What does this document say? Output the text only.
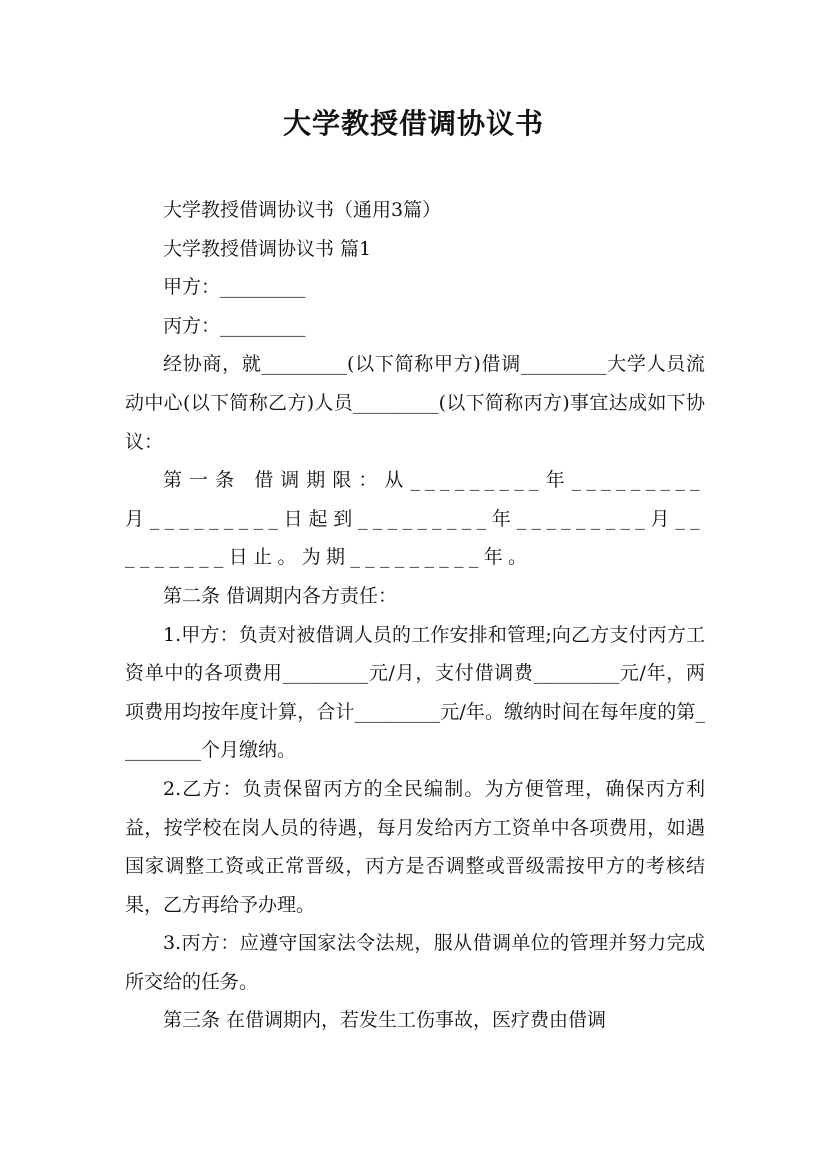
大学教授借调协议书

大学教授借调协议书（通用3篇）

大学教授借调协议书 篇1

甲方：_________

丙方：_________

经协商，就_________(以下简称甲方)借调_________大学人员流动中心(以下简称乙方)人员_________(以下简称丙方)事宜达成如下协议：

第一条 借调期限：从_________年_________月_________日起到_________年_________月_________日止。为期_________年。

第二条 借调期内各方责任：

1.甲方：负责对被借调人员的工作安排和管理;向乙方支付丙方工资单中的各项费用_________元/月，支付借调费_________元/年，两项费用均按年度计算，合计_________元/年。缴纳时间在每年度的第_________个月缴纳。

2.乙方：负责保留丙方的全民编制。为方便管理，确保丙方利益，按学校在岗人员的待遇，每月发给丙方工资单中各项费用，如遇国家调整工资或正常晋级，丙方是否调整或晋级需按甲方的考核结果，乙方再给予办理。

3.丙方：应遵守国家法令法规，服从借调单位的管理并努力完成所交给的任务。

第三条 在借调期内，若发生工伤事故，医疗费由借调
